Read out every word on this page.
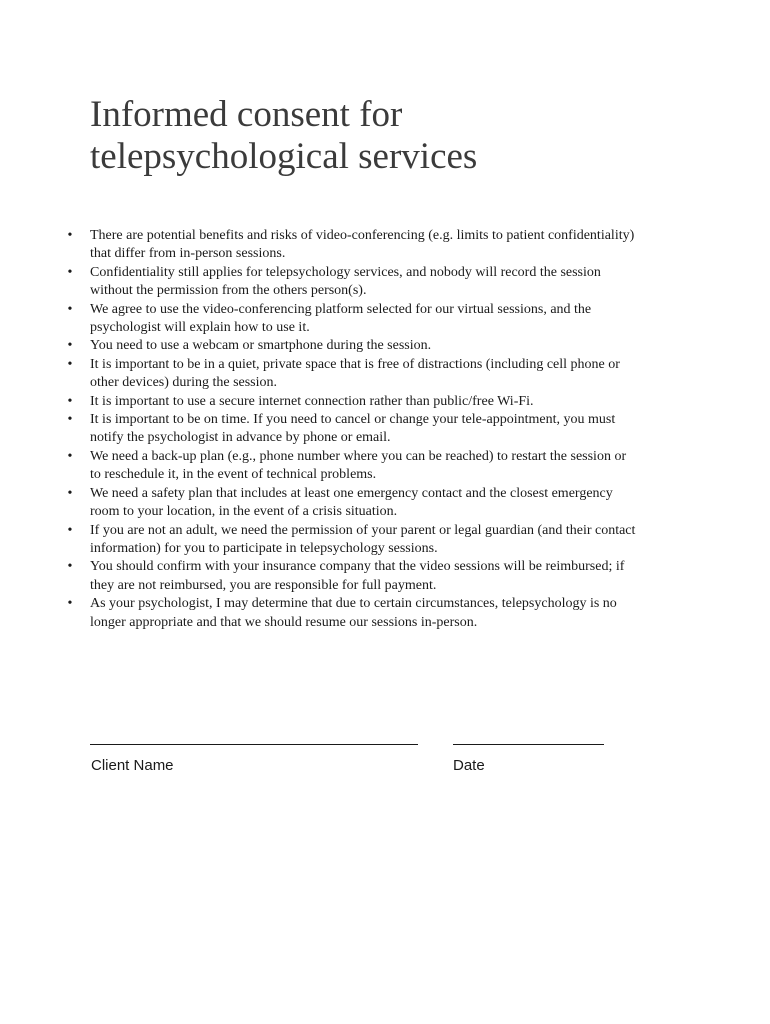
Informed consent for
telepsychological services
• There are potential benefits and risks of video-conferencing (e.g. limits to patient confidentiality)
that differ from in-person sessions.
• Confidentiality still applies for telepsychology services, and nobody will record the session
without the permission from the others person(s).
• We agree to use the video-conferencing platform selected for our virtual sessions, and the
psychologist will explain how to use it.
• You need to use a webcam or smartphone during the session.
• It is important to be in a quiet, private space that is free of distractions (including cell phone or
other devices) during the session.
• It is important to use a secure internet connection rather than public/free Wi-Fi.
• It is important to be on time. If you need to cancel or change your tele-appointment, you must
notify the psychologist in advance by phone or email.
• We need a back-up plan (e.g., phone number where you can be reached) to restart the session or
to reschedule it, in the event of technical problems.
• We need a safety plan that includes at least one emergency contact and the closest emergency
room to your location, in the event of a crisis situation.
• If you are not an adult, we need the permission of your parent or legal guardian (and their contact
information) for you to participate in telepsychology sessions.
• You should confirm with your insurance company that the video sessions will be reimbursed; if
they are not reimbursed, you are responsible for full payment.
• As your psychologist, I may determine that due to certain circumstances, telepsychology is no
longer appropriate and that we should resume our sessions in-person.
Client Name	Date
